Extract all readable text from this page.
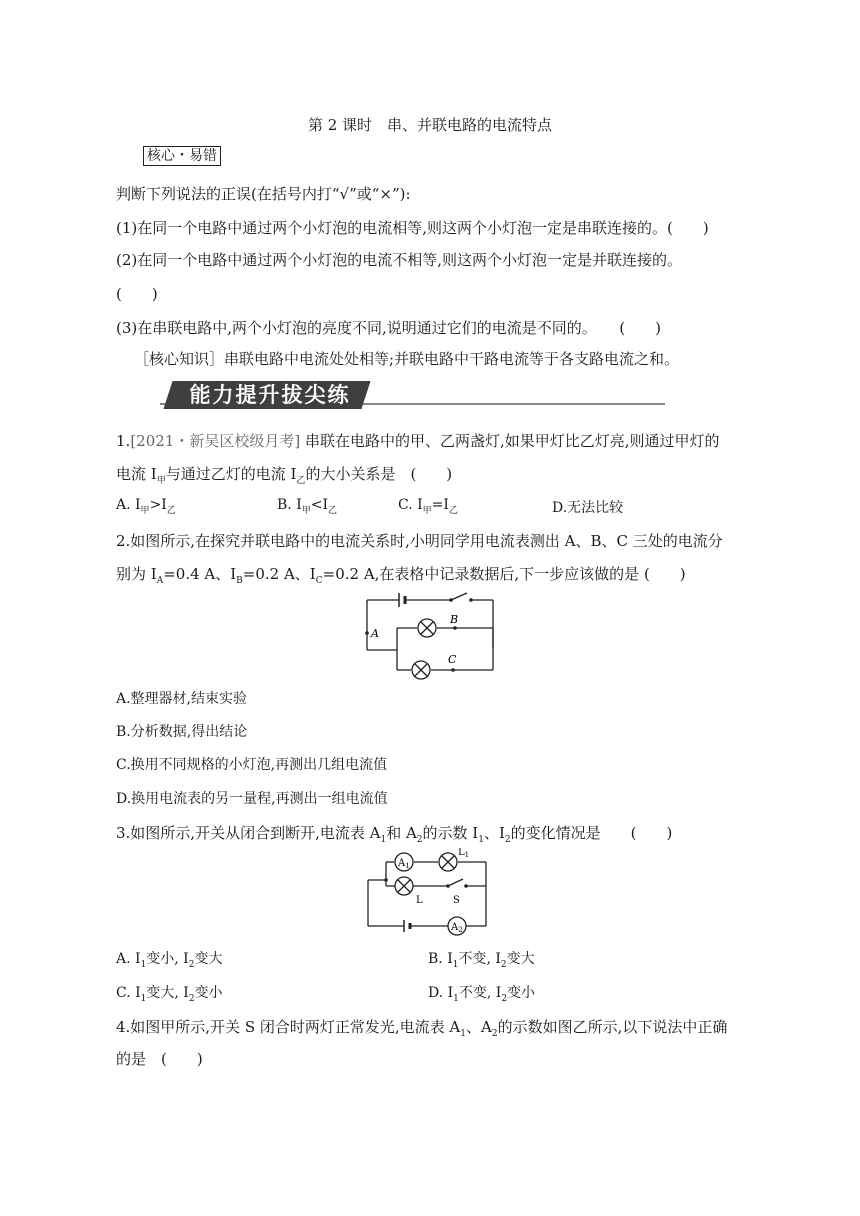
第 2 课时　串、并联电路的电流特点
核心・易错
判断下列说法的正误(在括号内打“√”或“×”):
(1)在同一个电路中通过两个小灯泡的电流相等,则这两个小灯泡一定是串联连接的。(　　)
(2)在同一个电路中通过两个小灯泡的电流不相等,则这两个小灯泡一定是并联连接的。
(　　)
(3)在串联电路中,两个小灯泡的亮度不同,说明通过它们的电流是不同的。　　(　　)
［核心知识］串联电路中电流处处相等;并联电路中干路电流等于各支路电流之和。
能力提升拔尖练
1.[2021・新吴区校级月考] 串联在电路中的甲、乙两盏灯,如果甲灯比乙灯亮,则通过甲灯的
电流 $I_甲$与通过乙灯的电流 $I_乙$的大小关系是　(　　)
A. $I_甲>I_乙$	B. $I_甲<I_乙$	C. $I_甲=I_乙$	D.无法比较
2.如图所示,在探究并联电路中的电流关系时,小明同学用电流表测出 A、B、C 三处的电流分
别为 $I_A=0.4$ A、$I_B=0.2$ A、$I_C=0.2$ A,在表格中记录数据后,下一步应该做的是 (　　)
A
B
C
A.整理器材,结束实验
B.分析数据,得出结论
C.换用不同规格的小灯泡,再测出几组电流值
D.换用电流表的另一量程,再测出一组电流值
3.如图所示,开关从闭合到断开,电流表 $A_1$和 $A_2$的示数 $I_1$、$I_2$的变化情况是　　(　　)
$A_1$
$A_2$
$L_1$
L	S
A. $I_1$变小, $I_2$变大	B. $I_1$不变, $I_2$变大
C. $I_1$变大, $I_2$变小	D. $I_1$不变, $I_2$变小
4.如图甲所示,开关 S 闭合时两灯正常发光,电流表 $A_1$、$A_2$的示数如图乙所示,以下说法中正确
的是　(　　)
